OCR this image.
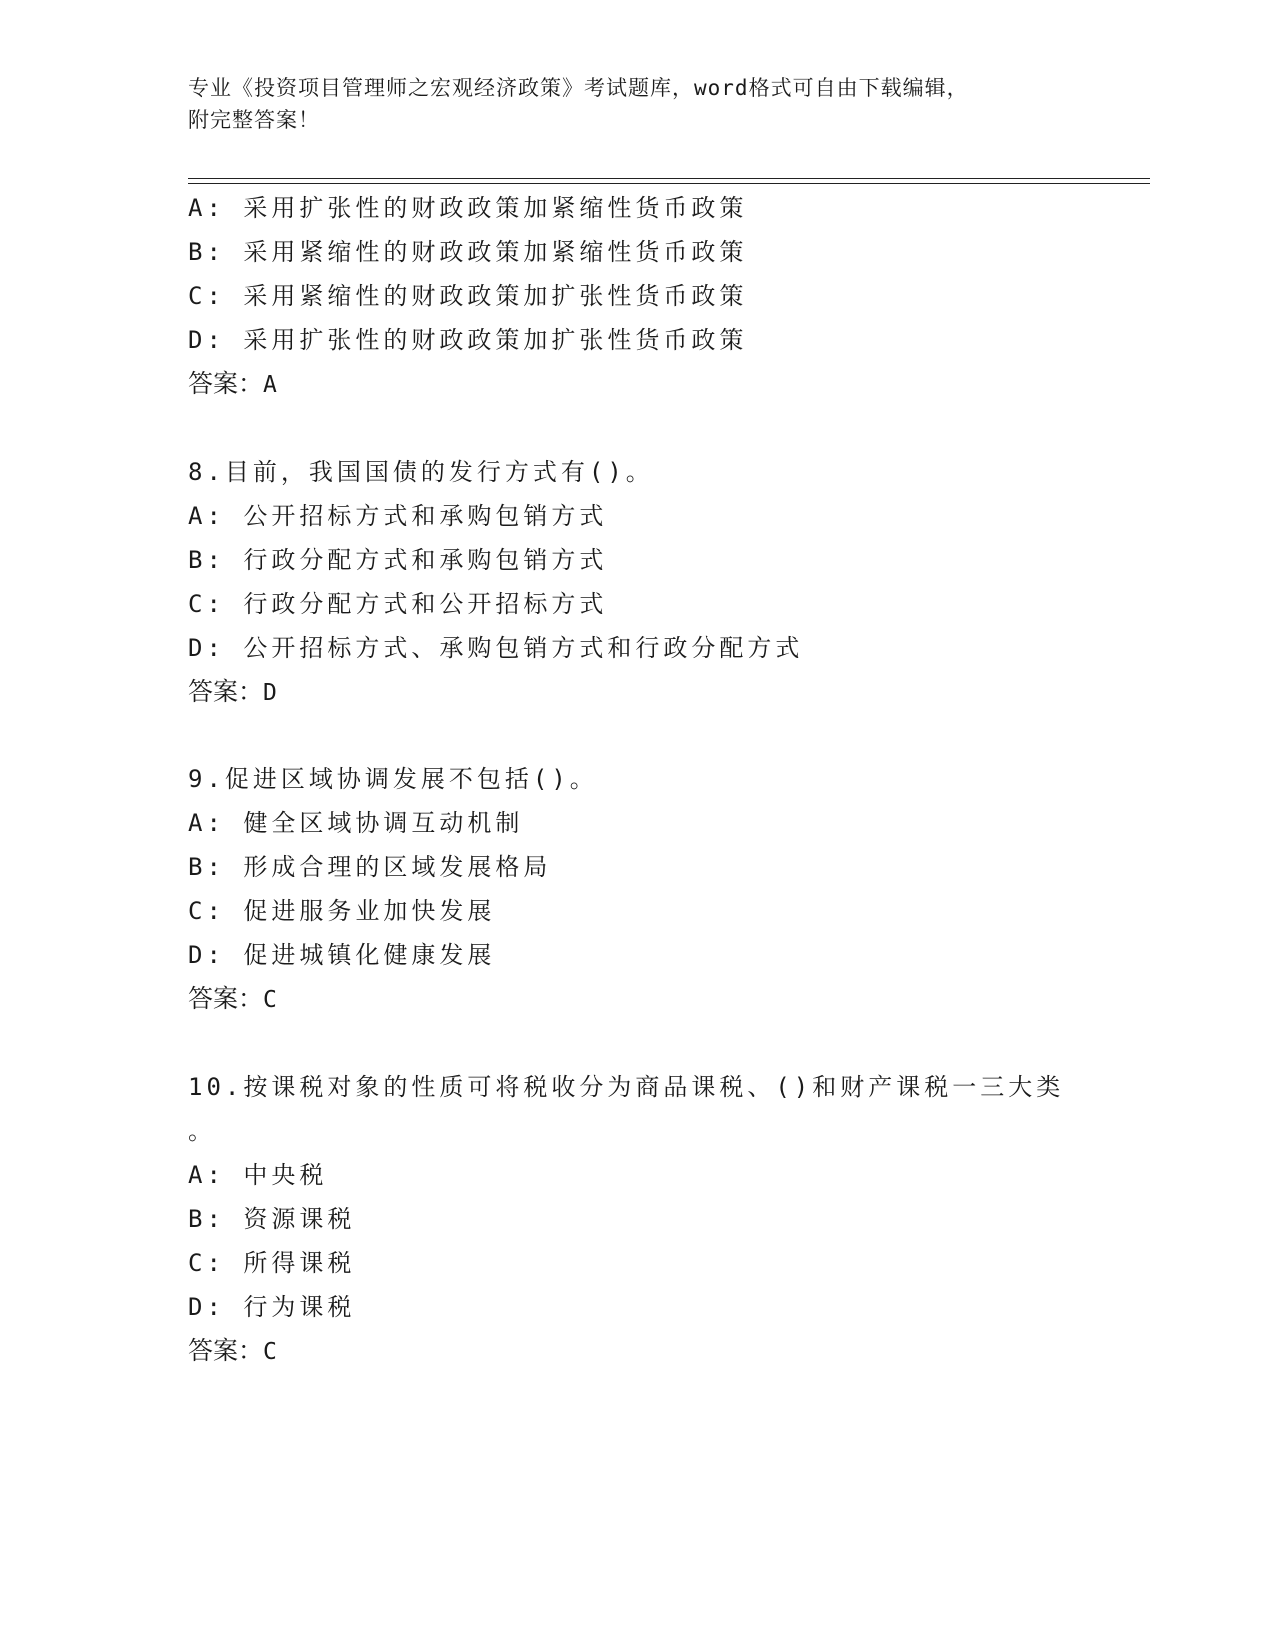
专业《投资项目管理师之宏观经济政策》考试题库，word格式可自由下载编辑，
附完整答案！
A: 采用扩张性的财政政策加紧缩性货币政策
B: 采用紧缩性的财政政策加紧缩性货币政策
C: 采用紧缩性的财政政策加扩张性货币政策
D: 采用扩张性的财政政策加扩张性货币政策
答案：A
8.目前，我国国债的发行方式有()。
A: 公开招标方式和承购包销方式
B: 行政分配方式和承购包销方式
C: 行政分配方式和公开招标方式
D: 公开招标方式、承购包销方式和行政分配方式
答案：D
9.促进区域协调发展不包括()。
A: 健全区域协调互动机制
B: 形成合理的区域发展格局
C: 促进服务业加快发展
D: 促进城镇化健康发展
答案：C
10.按课税对象的性质可将税收分为商品课税、()和财产课税一三大类
。
A: 中央税
B: 资源课税
C: 所得课税
D: 行为课税
答案：C
